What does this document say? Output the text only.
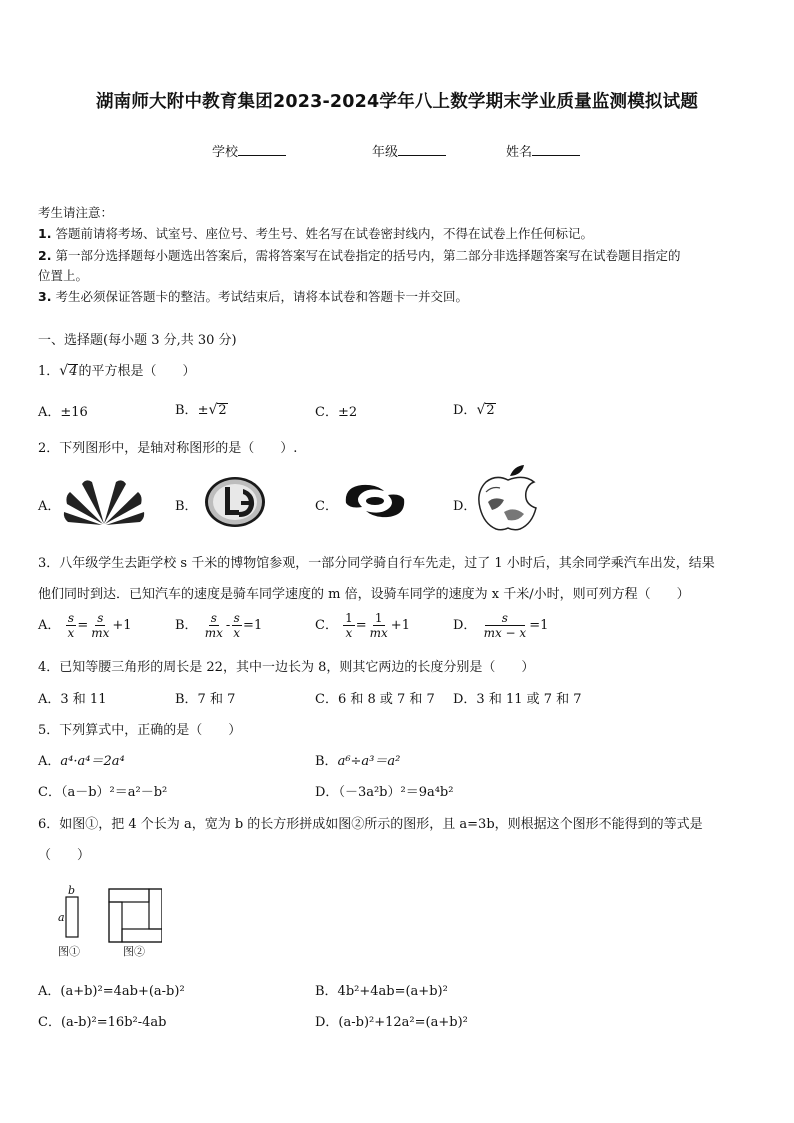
湖南师大附中教育集团2023-2024学年八上数学期末学业质量监测模拟试题
学校	年级	姓名
考生请注意：
1. 答题前请将考场、试室号、座位号、考生号、姓名写在试卷密封线内，不得在试卷上作任何标记。
2. 第一部分选择题每小题选出答案后，需将答案写在试卷指定的括号内，第二部分非选择题答案写在试卷题目指定的
位置上。
3. 考生必须保证答题卡的整洁。考试结束后，请将本试卷和答题卡一并交回。
一、选择题(每小题 3 分,共 30 分)
1．√4的平方根是（　　）
A．±16	B．±√2	C．±2	D．√2
2．下列图形中，是轴对称图形的是（　　）.
A．	B．	C．	D．
3．八年级学生去距学校 s 千米的博物馆参观，一部分同学骑自行车先走，过了 1 小时后，其余同学乘汽车出发，结果
他们同时到达．已知汽车的速度是骑车同学速度的 m 倍，设骑车同学的速度为 x 千米/小时，则可列方程（　　）
A． $\frac{s}{x} = \frac{s}{mx} +1$	B． $\frac{s}{mx} - \frac{s}{x} =1$	C． $\frac{1}{x} = \frac{1}{mx} +1$	D． $\frac{s}{mx - x} =1$
4．已知等腰三角形的周长是 22，其中一边长为 8，则其它两边的长度分别是（　　）
A．3 和 11	B．7 和 7	C．6 和 8 或 7 和 7 D．3 和 11 或 7 和 7
5．下列算式中，正确的是（　　）
A．a⁴·a⁴＝2a⁴	B．a⁶÷a³＝a²
C．（a－b）²＝a²－b²	D．（－3a²b）²＝9a⁴b²
6．如图①，把 4 个长为 a，宽为 b 的长方形拼成如图②所示的图形，且 a=3b，则根据这个图形不能得到的等式是
（　　）
b
a
图①	图②
A．(a+b)²=4ab+(a-b)²	B．4b²+4ab=(a+b)²
C．(a-b)²=16b²-4ab	D．(a-b)²+12a²=(a+b)²
